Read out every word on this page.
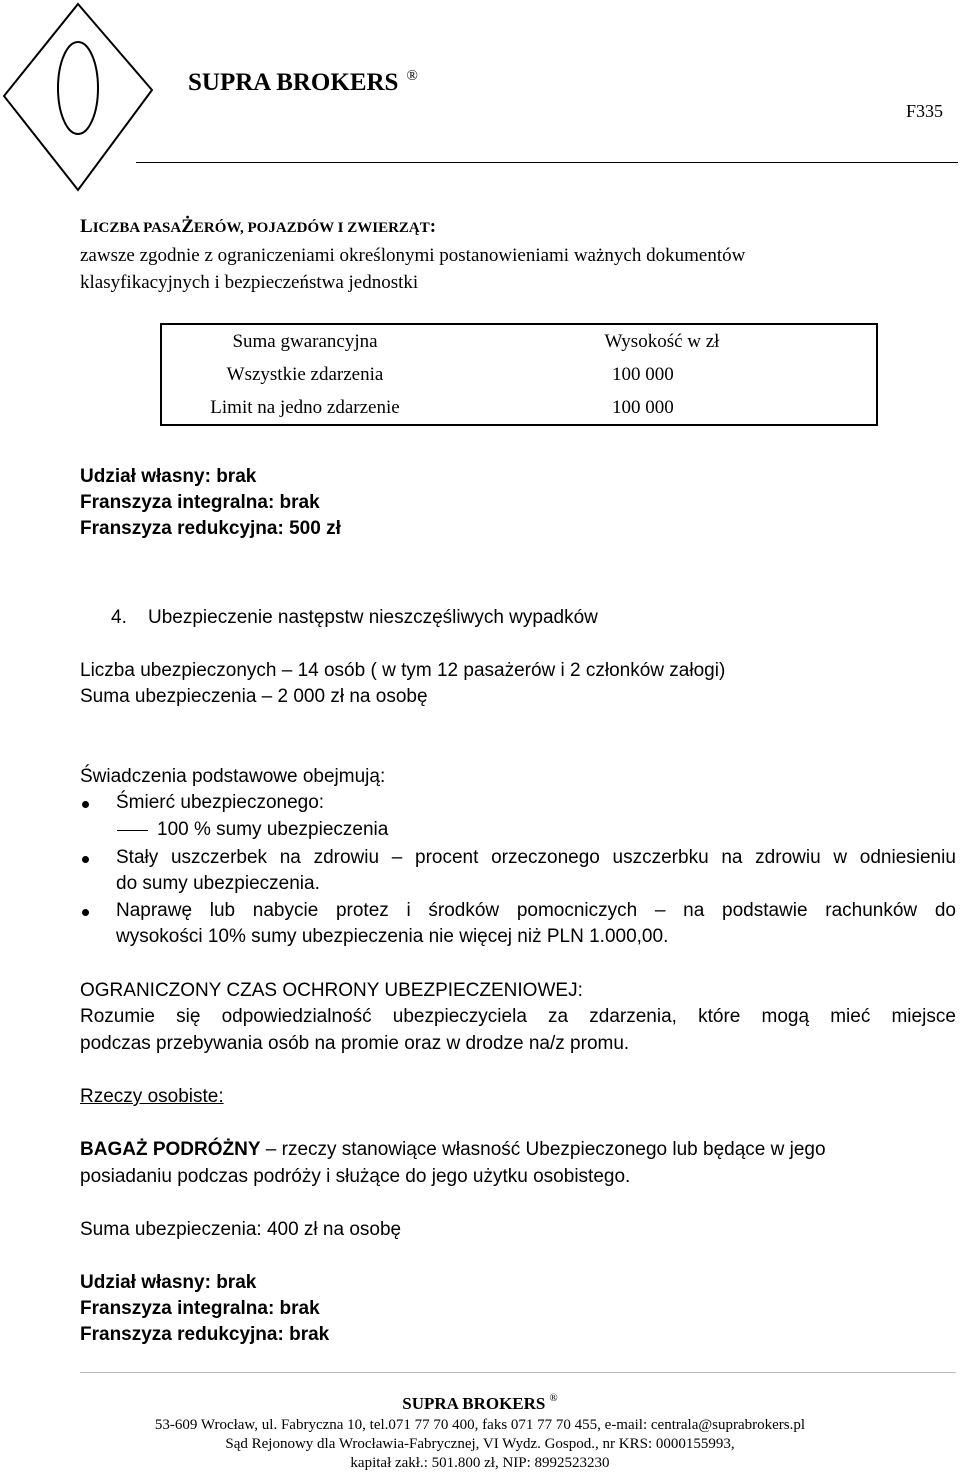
SUPRA BROKERS ®
F335
LICZBA PASAŻERÓW, POJAZDÓW I ZWIERZĄT:
zawsze zgodnie z ograniczeniami określonymi postanowieniami ważnych dokumentów
klasyfikacyjnych i bezpieczeństwa jednostki
Suma gwarancyjna	Wysokość w zł
Wszystkie zdarzenia	100 000
Limit na jedno zdarzenie	100 000
Udział własny: brak
Franszyza integralna: brak
Franszyza redukcyjna: 500 zł
4. Ubezpieczenie następstw nieszczęśliwych wypadków
Liczba ubezpieczonych – 14 osób ( w tym 12 pasażerów i 2 członków załogi)
Suma ubezpieczenia – 2 000 zł na osobę
Świadczenia podstawowe obejmują:
Śmierć ubezpieczonego:
100 % sumy ubezpieczenia
Stały uszczerbek na zdrowiu – procent orzeczonego uszczerbku na zdrowiu w odniesieniu
do sumy ubezpieczenia.
Naprawę lub nabycie protez i środków pomocniczych – na podstawie rachunków do
wysokości 10% sumy ubezpieczenia nie więcej niż PLN 1.000,00.
OGRANICZONY CZAS OCHRONY UBEZPIECZENIOWEJ:
Rozumie się odpowiedzialność ubezpieczyciela za zdarzenia, które mogą mieć miejsce
podczas przebywania osób na promie oraz w drodze na/z promu.
Rzeczy osobiste:
BAGAŻ PODRÓŻNY – rzeczy stanowiące własność Ubezpieczonego lub będące w jego
posiadaniu podczas podróży i służące do jego użytku osobistego.
Suma ubezpieczenia: 400 zł na osobę
Udział własny: brak
Franszyza integralna: brak
Franszyza redukcyjna: brak
SUPRA BROKERS ®
53-609 Wrocław, ul. Fabryczna 10, tel.071 77 70 400, faks 071 77 70 455, e-mail: centrala@suprabrokers.pl
Sąd Rejonowy dla Wrocławia-Fabrycznej, VI Wydz. Gospod., nr KRS: 0000155993,
kapitał zakł.: 501.800 zł, NIP: 8992523230
